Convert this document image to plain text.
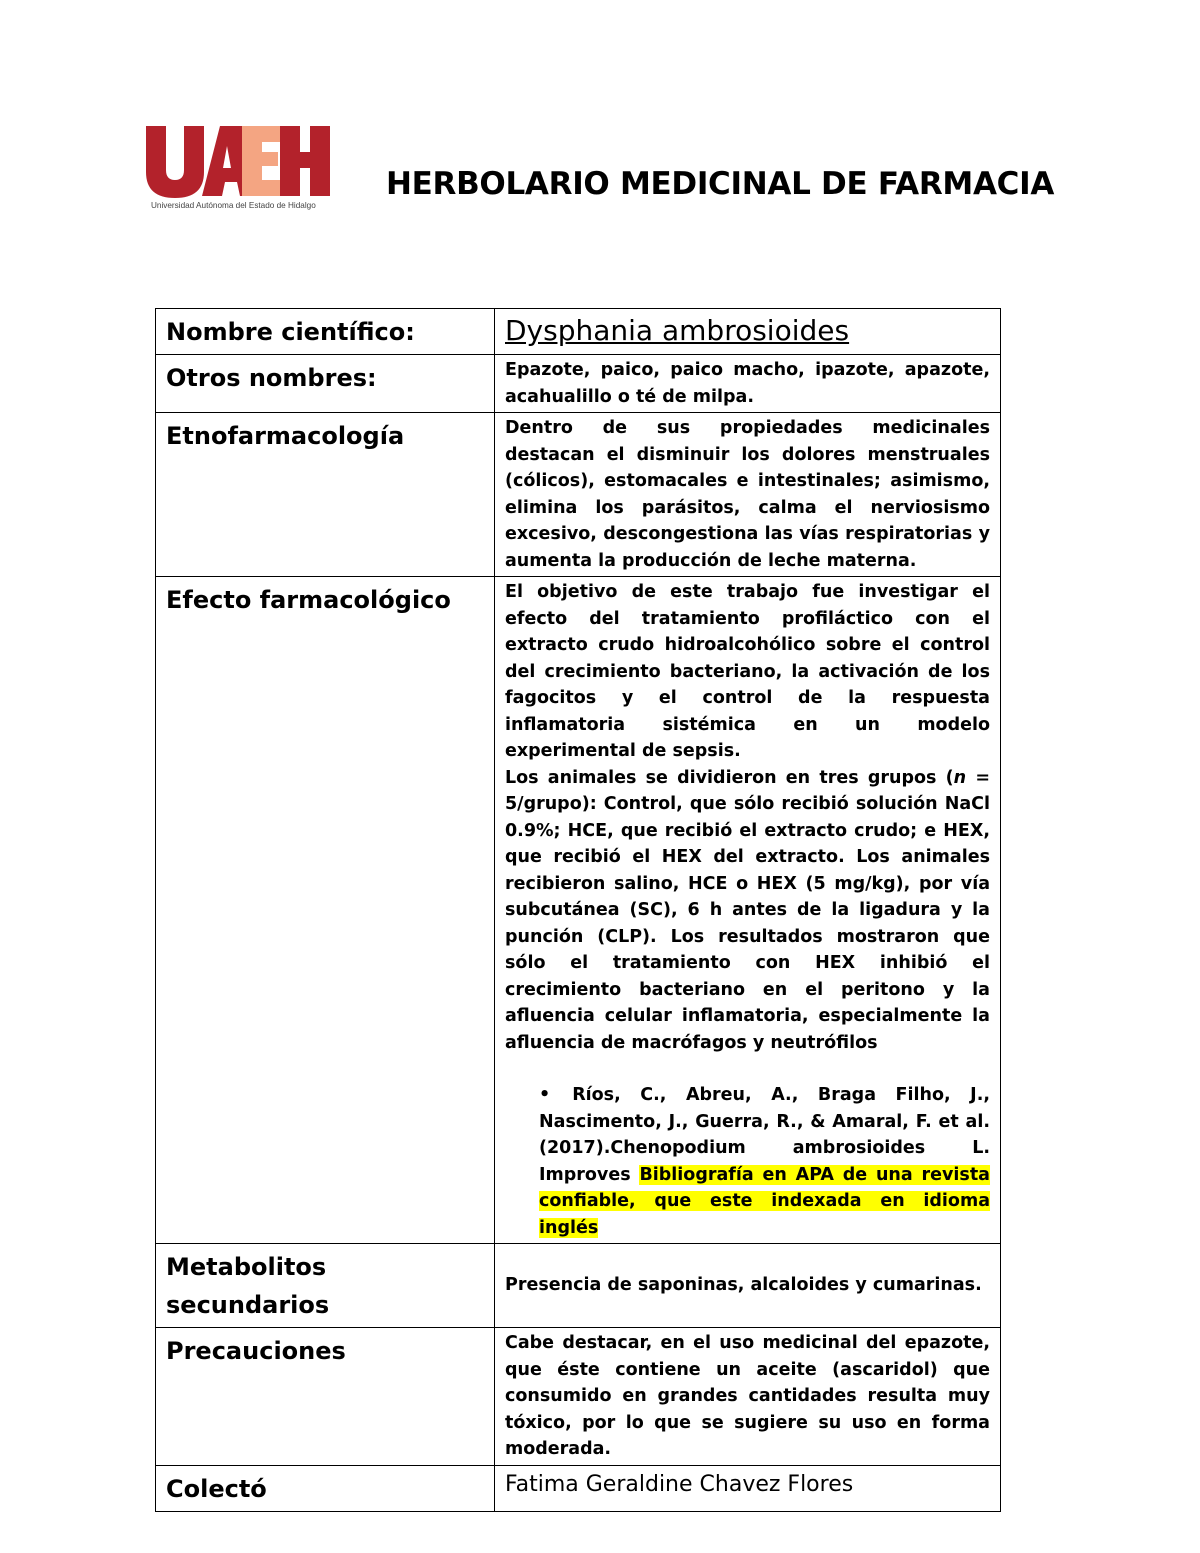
Universidad Autónoma del Estado de Hidalgo
HERBOLARIO MEDICINAL DE FARMACIA
Nombre científico:	Dysphania ambrosioides
Otros nombres:	Epazote, paico, paico macho, ipazote, apazote, acahualillo o té de milpa.
Etnofarmacología	Dentro de sus propiedades medicinales destacan el disminuir los dolores menstruales (cólicos), estomacales e intestinales; asimismo, elimina los parásitos, calma el nerviosismo excesivo, descongestiona las vías respiratorias y aumenta la producción de leche materna.
Efecto farmacológico	El objetivo de este trabajo fue investigar el efecto del tratamiento profiláctico con el extracto crudo hidroalcohólico sobre el control del crecimiento bacteriano, la activación de los fagocitos y el control de la respuesta inflamatoria sistémica en un modelo experimental de sepsis.

Los animales se dividieron en tres grupos (n = 5/grupo): Control, que sólo recibió solución NaCl 0.9%; HCE, que recibió el extracto crudo; e HEX, que recibió el HEX del extracto. Los animales recibieron salino, HCE o HEX (5 mg/kg), por vía subcutánea (SC), 6 h antes de la ligadura y la punción (CLP). Los resultados mostraron que sólo el tratamiento con HEX inhibió el crecimiento bacteriano en el peritono y la afluencia celular inflamatoria, especialmente la afluencia de macrófagos y neutrófilos

• Ríos, C., Abreu, A., Braga Filho, J., Nascimento, J., Guerra, R., & Amaral, F. et al. (2017).Chenopodium ambrosioides L. Improves Bibliografía en APA de una revista confiable, que este indexada en idioma inglés

Metabolitos secundarios	Presencia de saponinas, alcaloides y cumarinas.
Precauciones	Cabe destacar, en el uso medicinal del epazote, que éste contiene un aceite (ascaridol) que consumido en grandes cantidades resulta muy tóxico, por lo que se sugiere su uso en forma moderada.
Colectó	Fatima Geraldine Chavez Flores
